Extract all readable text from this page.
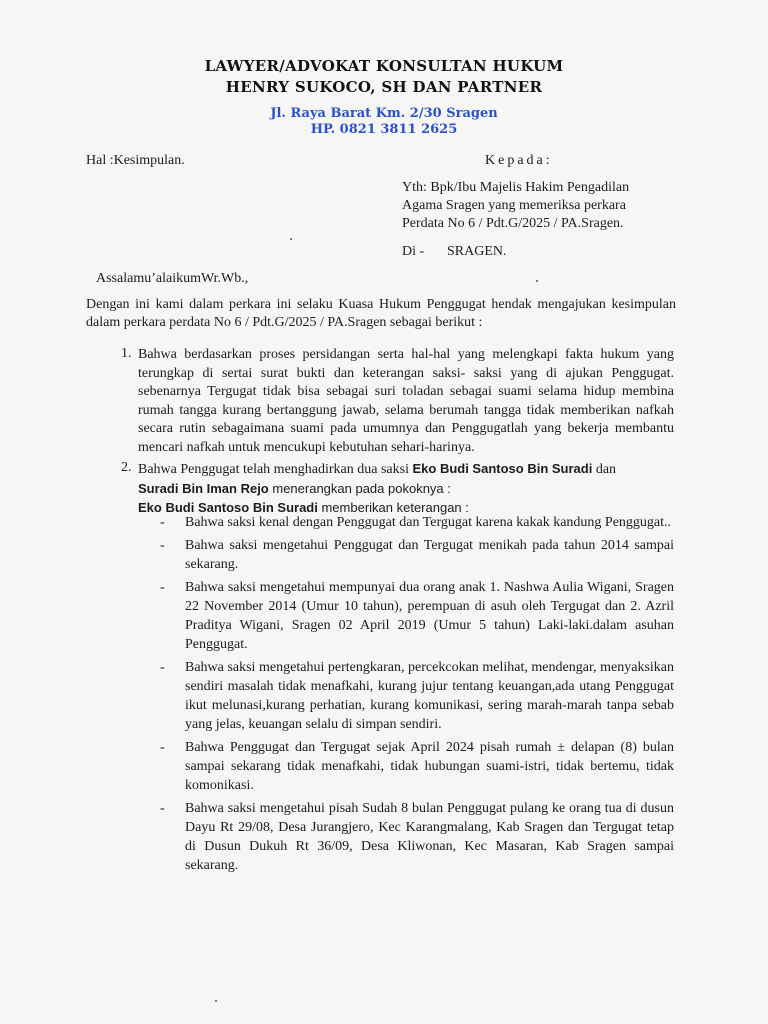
LAWYER/ADVOKAT KONSULTAN HUKUM
HENRY SUKOCO, SH DAN PARTNER
Jl. Raya Barat Km. 2/30 Sragen
HP. 0821 3811 2625
Hal :Kesimpulan.	Kepada:
Yth: Bpk/Ibu Majelis Hakim Pengadilan
Agama Sragen yang memeriksa perkara
Perdata No 6 / Pdt.G/2025 / PA.Sragen.
Di - SRAGEN.
Assalamu’alaikumWr.Wb.,
Dengan ini kami dalam perkara ini selaku Kuasa Hukum Penggugat hendak mengajukan kesimpulan dalam perkara perdata No 6 / Pdt.G/2025 / PA.Sragen sebagai berikut :
1. Bahwa berdasarkan proses persidangan serta hal-hal yang melengkapi fakta hukum yang terungkap di sertai surat bukti dan keterangan saksi- saksi yang di ajukan Penggugat. sebenarnya Tergugat tidak bisa sebagai suri toladan sebagai suami selama hidup membina rumah tangga kurang bertanggung jawab, selama berumah tangga tidak memberikan nafkah secara rutin sebagaimana suami pada umumnya dan Penggugatlah yang bekerja membantu mencari nafkah untuk mencukupi kebutuhan sehari-harinya.
2. Bahwa Penggugat telah menghadirkan dua saksi Eko Budi Santoso Bin Suradi dan
Suradi Bin Iman Rejo menerangkan pada pokoknya :
Eko Budi Santoso Bin Suradi memberikan keterangan :
- Bahwa saksi kenal dengan Penggugat dan Tergugat karena kakak kandung Penggugat..
- Bahwa saksi mengetahui Penggugat dan Tergugat menikah pada tahun 2014 sampai sekarang.
- Bahwa saksi mengetahui mempunyai dua orang anak 1. Nashwa Aulia Wigani, Sragen 22 November 2014 (Umur 10 tahun), perempuan di asuh oleh Tergugat dan 2. Azril Praditya Wigani, Sragen 02 April 2019 (Umur 5 tahun) Laki-laki.dalam asuhan Penggugat.
- Bahwa saksi mengetahui pertengkaran, percekcokan melihat, mendengar, menyaksikan sendiri masalah tidak menafkahi, kurang jujur tentang keuangan,ada utang Penggugat ikut melunasi,kurang perhatian, kurang komunikasi, sering marah-marah tanpa sebab yang jelas, keuangan selalu di simpan sendiri.
- Bahwa Penggugat dan Tergugat sejak April 2024 pisah rumah ± delapan (8) bulan sampai sekarang tidak menafkahi, tidak hubungan suami-istri, tidak bertemu, tidak komonikasi.
- Bahwa saksi mengetahui pisah Sudah 8 bulan Penggugat pulang ke orang tua di dusun Dayu Rt 29/08, Desa Jurangjero, Kec Karangmalang, Kab Sragen dan Tergugat tetap di Dusun Dukuh Rt 36/09, Desa Kliwonan, Kec Masaran, Kab Sragen sampai sekarang.
